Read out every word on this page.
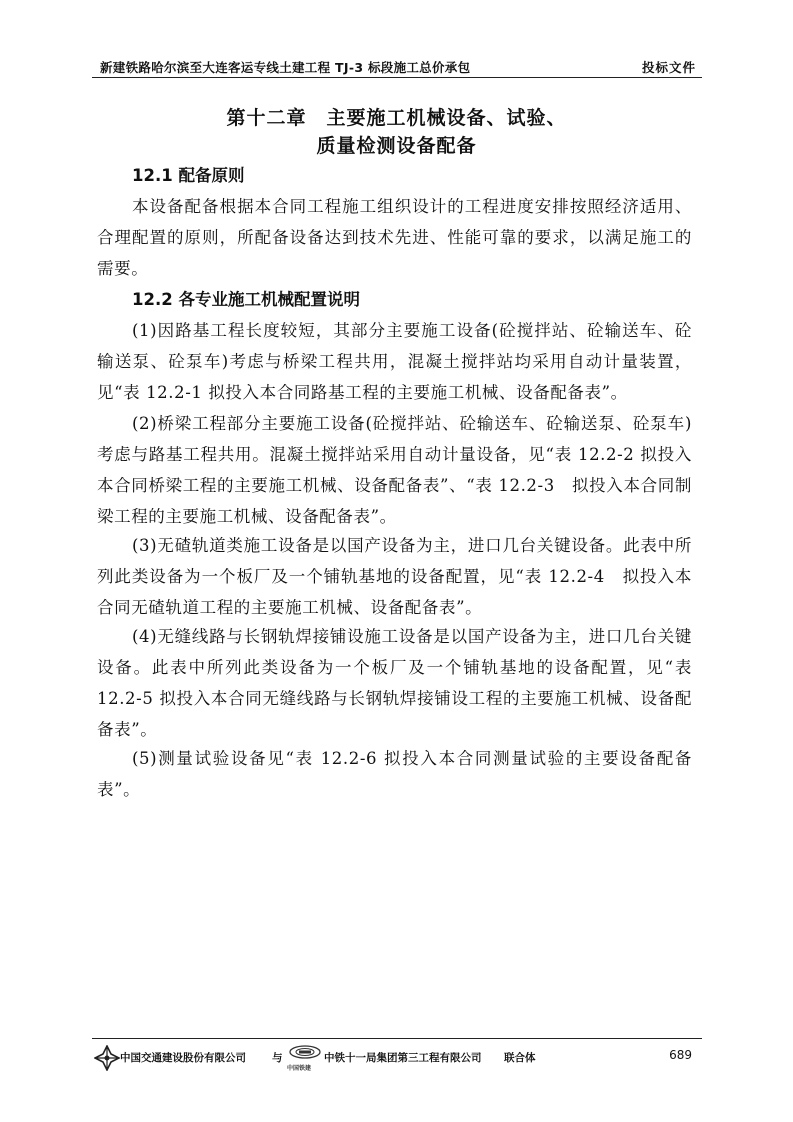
新建铁路哈尔滨至大连客运专线土建工程 TJ-3 标段施工总价承包	投标文件
第十二章　主要施工机械设备、试验、
质量检测设备配备
12.1 配备原则
本设备配备根据本合同工程施工组织设计的工程进度安排按照经济适用、合理配置的原则，所配备设备达到技术先进、性能可靠的要求，以满足施工的需要。
12.2 各专业施工机械配置说明
(1)因路基工程长度较短，其部分主要施工设备(砼搅拌站、砼输送车、砼输送泵、砼泵车)考虑与桥梁工程共用，混凝土搅拌站均采用自动计量装置，见“表 12.2-1 拟投入本合同路基工程的主要施工机械、设备配备表”。
(2)桥梁工程部分主要施工设备(砼搅拌站、砼输送车、砼输送泵、砼泵车) 考虑与路基工程共用。混凝土搅拌站采用自动计量设备，见“表 12.2-2 拟投入本合同桥梁工程的主要施工机械、设备配备表”、“表 12.2-3　拟投入本合同制梁工程的主要施工机械、设备配备表”。
(3)无碴轨道类施工设备是以国产设备为主，进口几台关键设备。此表中所列此类设备为一个板厂及一个铺轨基地的设备配置，见“表 12.2-4　拟投入本合同无碴轨道工程的主要施工机械、设备配备表”。
(4)无缝线路与长钢轨焊接铺设施工设备是以国产设备为主，进口几台关键设备。此表中所列此类设备为一个板厂及一个铺轨基地的设备配置，见“表 12.2-5 拟投入本合同无缝线路与长钢轨焊接铺设工程的主要施工机械、设备配备表”。
(5)测量试验设备见“表 12.2-6 拟投入本合同测量试验的主要设备配备表”。
中国交通建设股份有限公司 与
中国铁建
中铁十一局集团第三工程有限公司 联合体	689
